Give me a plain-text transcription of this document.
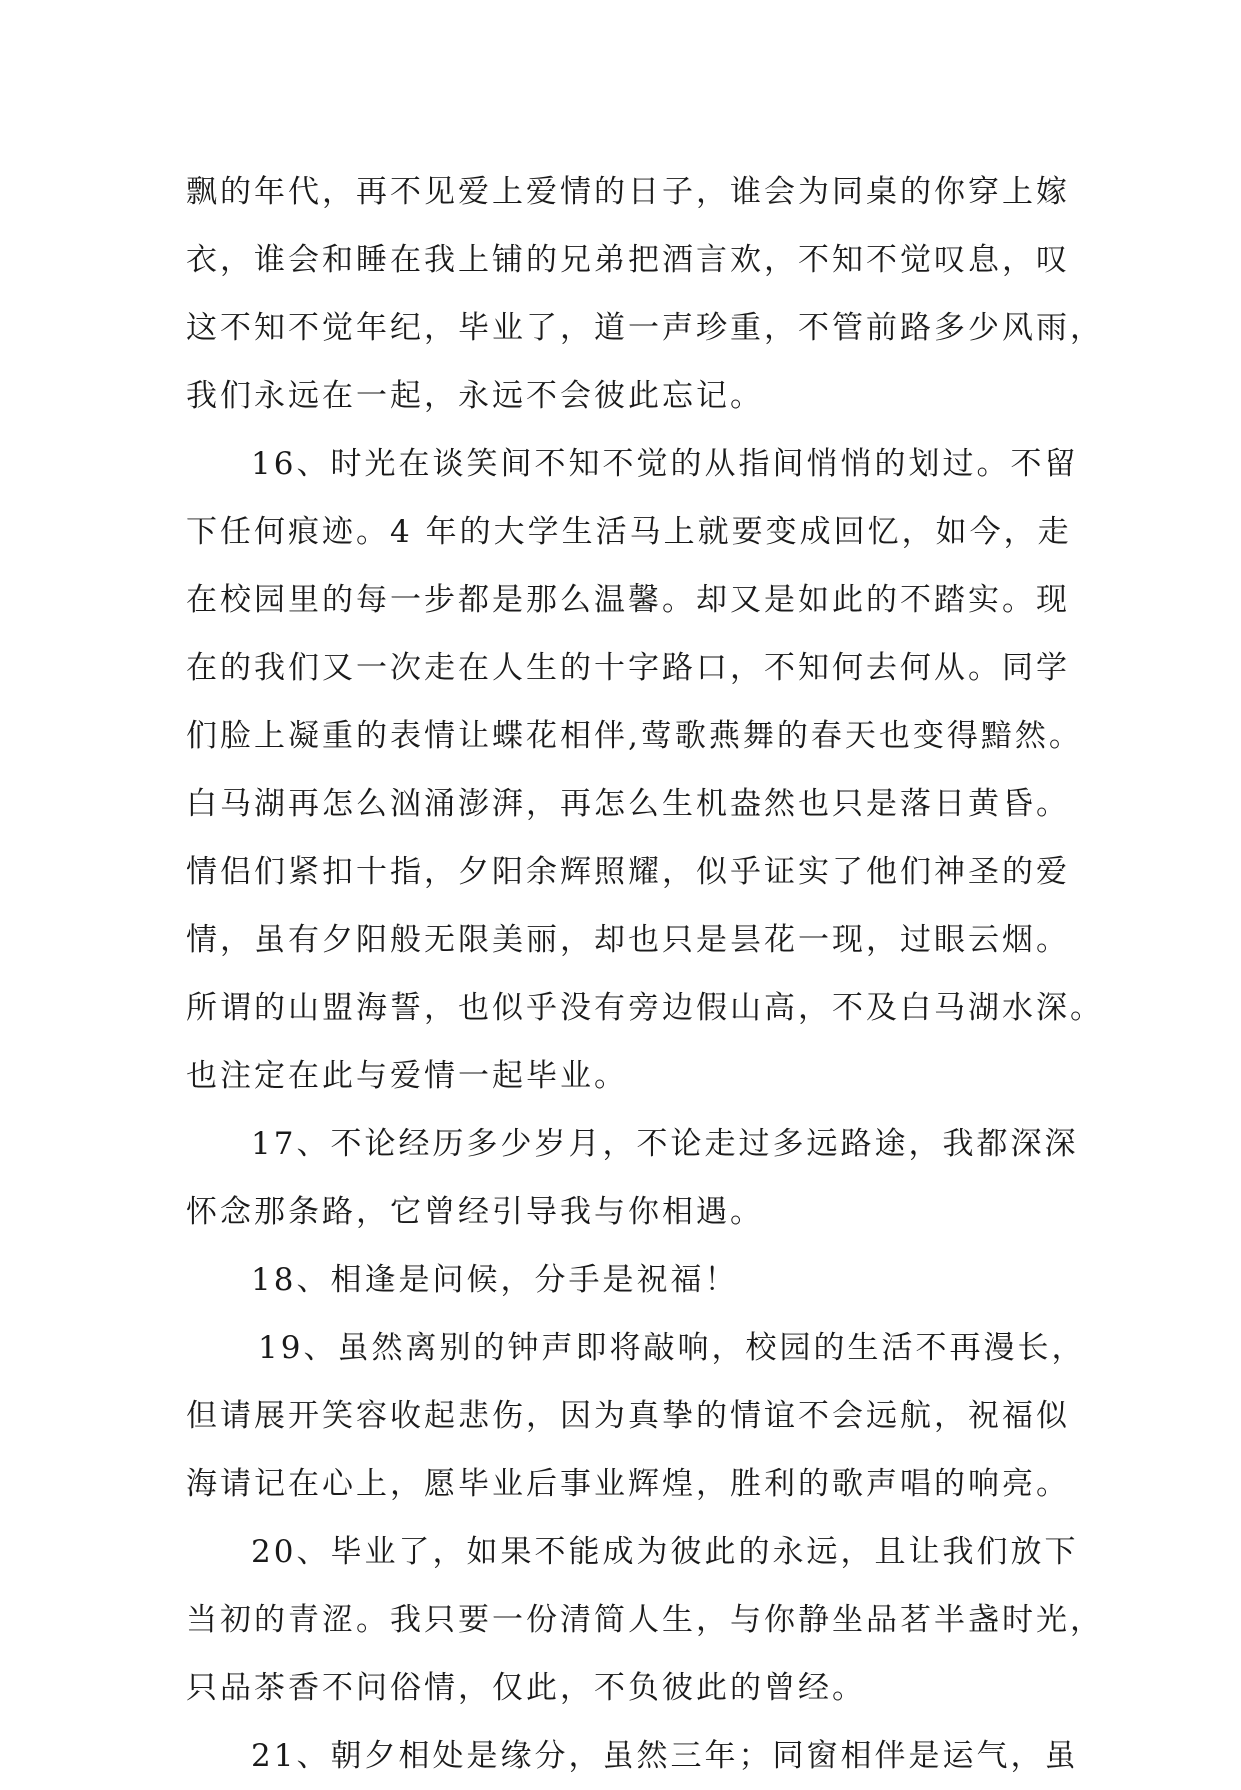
飘的年代，再不见爱上爱情的日子，谁会为同桌的你穿上嫁
衣，谁会和睡在我上铺的兄弟把酒言欢，不知不觉叹息，叹
这不知不觉年纪，毕业了，道一声珍重，不管前路多少风雨，
我们永远在一起，永远不会彼此忘记。
16、时光在谈笑间不知不觉的从指间悄悄的划过。不留
下任何痕迹。4 年的大学生活马上就要变成回忆，如今，走
在校园里的每一步都是那么温馨。却又是如此的不踏实。现
在的我们又一次走在人生的十字路口，不知何去何从。同学
们脸上凝重的表情让蝶花相伴,莺歌燕舞的春天也变得黯然。
白马湖再怎么汹涌澎湃，再怎么生机盎然也只是落日黄昏。
情侣们紧扣十指，夕阳余辉照耀，似乎证实了他们神圣的爱
情，虽有夕阳般无限美丽，却也只是昙花一现，过眼云烟。
所谓的山盟海誓，也似乎没有旁边假山高，不及白马湖水深。
也注定在此与爱情一起毕业。
17、不论经历多少岁月，不论走过多远路途，我都深深
怀念那条路，它曾经引导我与你相遇。
18、相逢是问候，分手是祝福！
19、虽然离别的钟声即将敲响，校园的生活不再漫长，
但请展开笑容收起悲伤，因为真挚的情谊不会远航，祝福似
海请记在心上，愿毕业后事业辉煌，胜利的歌声唱的响亮。
20、毕业了，如果不能成为彼此的永远，且让我们放下
当初的青涩。我只要一份清简人生，与你静坐品茗半盏时光，
只品茶香不问俗情，仅此，不负彼此的曾经。
21、朝夕相处是缘分，虽然三年；同窗相伴是运气，虽
